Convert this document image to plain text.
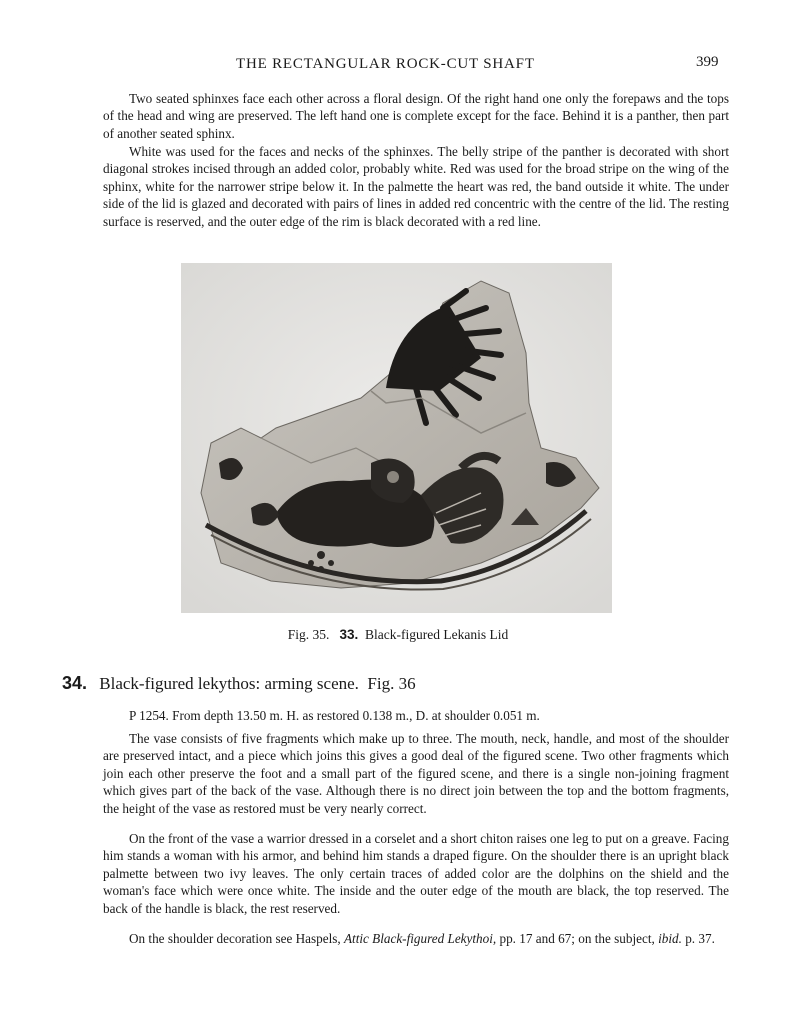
THE RECTANGULAR ROCK-CUT SHAFT	399

Two seated sphinxes face each other across a floral design. Of the right hand one only the forepaws and the tops of the head and wing are preserved. The left hand one is complete except for the face. Behind it is a panther, then part of another seated sphinx.

White was used for the faces and necks of the sphinxes. The belly stripe of the panther is decorated with short diagonal strokes incised through an added color, probably white. Red was used for the broad stripe on the wing of the sphinx, white for the narrower stripe below it. In the palmette the heart was red, the band outside it white. The under side of the lid is glazed and decorated with pairs of lines in added red concentric with the centre of the lid. The resting surface is reserved, and the outer edge of the rim is black decorated with a red line.

Fig. 35. 33. Black-figured Lekanis Lid
34. Black-figured lekythos: arming scene. Fig. 36
P 1254. From depth 13.50 m. H. as restored 0.138 m., D. at shoulder 0.051 m.

The vase consists of five fragments which make up to three. The mouth, neck, handle, and most of the shoulder are preserved intact, and a piece which joins this gives a good deal of the figured scene. Two other fragments which join each other preserve the foot and a small part of the figured scene, and there is a single non-joining fragment which gives part of the back of the vase. Although there is no direct join between the top and the bottom fragments, the height of the vase as restored must be very nearly correct.

On the front of the vase a warrior dressed in a corselet and a short chiton raises one leg to put on a greave. Facing him stands a woman with his armor, and behind him stands a draped figure. On the shoulder there is an upright black palmette between two ivy leaves. The only certain traces of added color are the dolphins on the shield and the woman's face which were once white. The inside and the outer edge of the mouth are black, the top reserved. The back of the handle is black, the rest reserved.

On the shoulder decoration see Haspels, Attic Black-figured Lekythoi, pp. 17 and 67; on the subject, ibid. p. 37.
